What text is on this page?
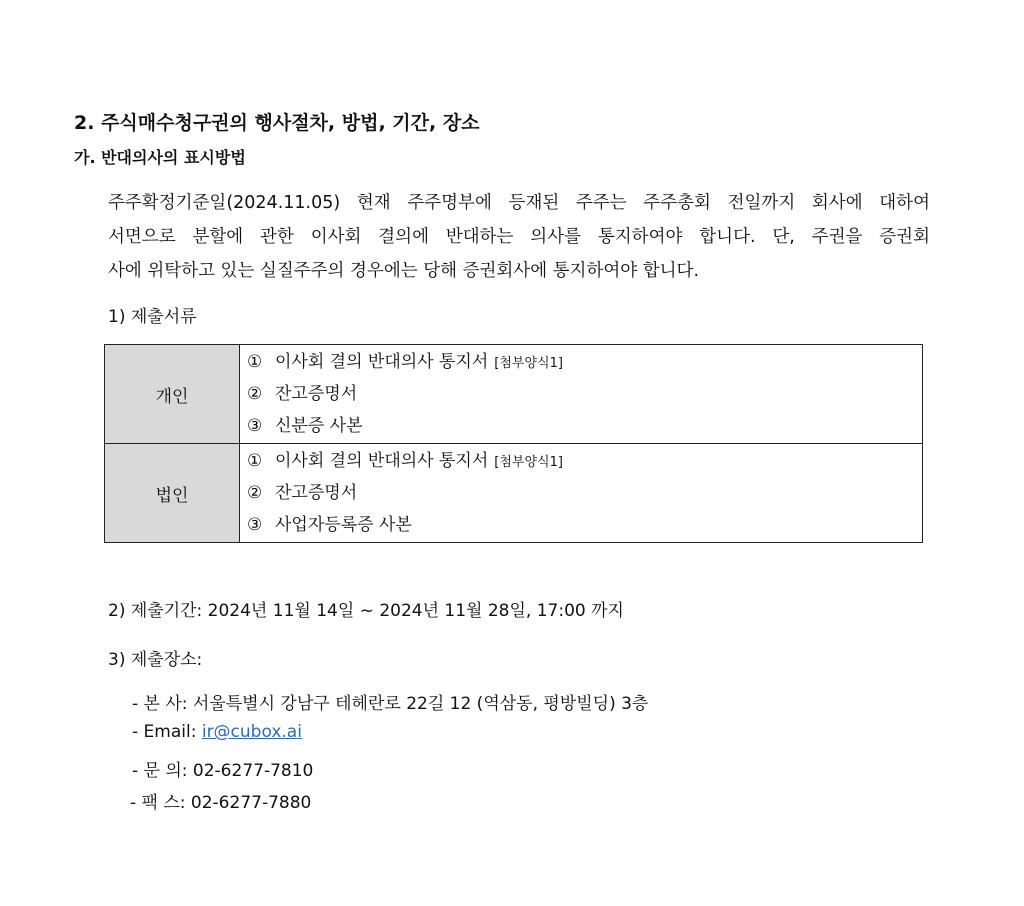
2. 주식매수청구권의 행사절차, 방법, 기간, 장소
가. 반대의사의 표시방법

주주확정기준일(2024.11.05) 현재 주주명부에 등재된 주주는 주주총회 전일까지 회사에 대하여

서면으로 분할에 관한 이사회 결의에 반대하는 의사를 통지하여야 합니다. 단, 주권을 증권회

사에 위탁하고 있는 실질주주의 경우에는 당해 증권회사에 통지하여야 합니다.

1) 제출서류
개인	① 이사회 결의 반대의사 통지서 [첨부양식1]
② 잔고증명서
③ 신분증 사본

법인	① 이사회 결의 반대의사 통지서 [첨부양식1]
② 잔고증명서
③ 사업자등록증 사본
2) 제출기간: 2024년 11월 14일 ~ 2024년 11월 28일, 17:00 까지
3) 제출장소:
- 본 사: 서울특별시 강남구 테헤란로 22길 12 (역삼동, 평방빌딩) 3층
- Email: ir@cubox.ai
- 문 의: 02-6277-7810
- 팩 스: 02-6277-7880
